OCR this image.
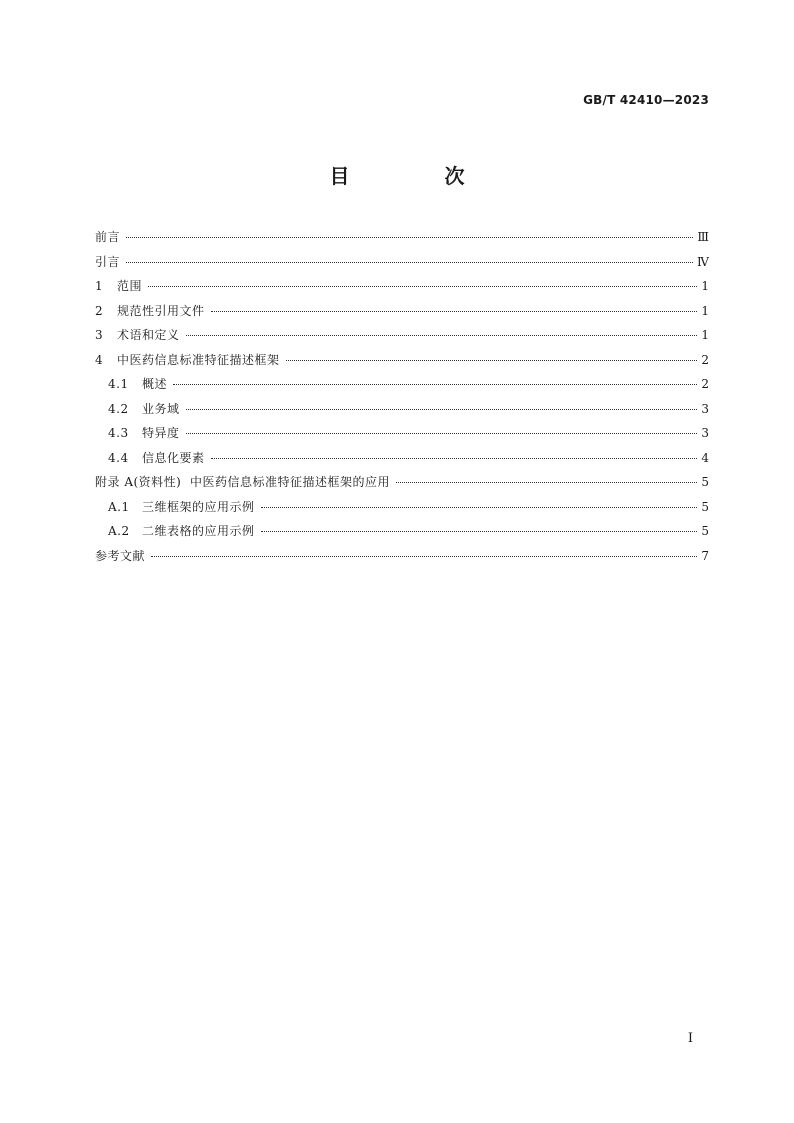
GB/T 42410—2023
目 次
前言	Ⅲ
引言	Ⅳ
1 范围	1
2 规范性引用文件	1
3 术语和定义	1
4 中医药信息标准特征描述框架	2
4.1 概述	2
4.2 业务域	3
4.3 特异度	3
4.4 信息化要素	4
附录 A(资料性)  中医药信息标准特征描述框架的应用	5
A.1 三维框架的应用示例	5
A.2 二维表格的应用示例	5
参考文献	7
I
